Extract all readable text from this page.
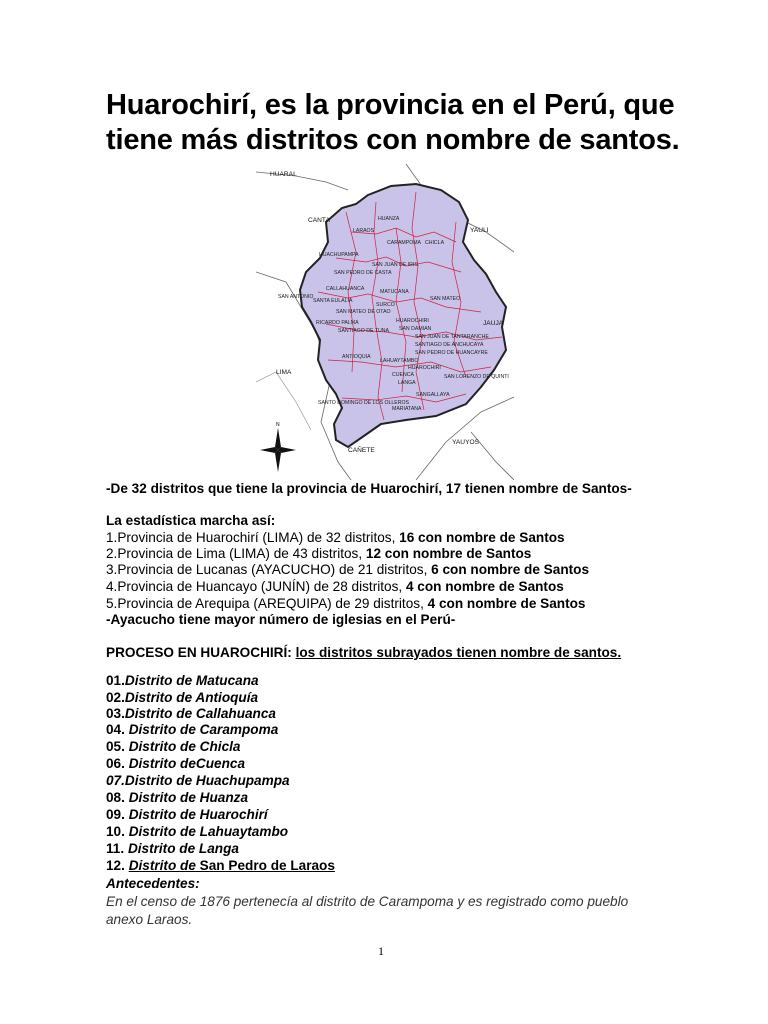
Huarochirí, es la provincia en el Perú, que tiene más distritos con nombre de santos.
N
HUARAL
CANTA
YAULI
JAUJA
LIMA
YAUYOS
CAÑETE
HUANZA
LARAOS
CARAMPOMA CHICLA
HUACHUPAMPA
SAN JUAN DE IRIS
SAN PEDRO DE CASTA
SAN ANTONIO
CALLAHUANCA	MATUCANA
SANTA EULALIA
SURCO
SAN MATEO
SAN MATEO DE OTAO
HUAROCHIRI
RICARDO PALMA
SANTIAGO DE TUNA SAN DAMIAN
SAN JUAN DE TANTARANCHE
SANTIAGO DE ANCHUCAYA
SAN PEDRO DE HUANCAYRE
ANTIOQUIA
LAHUAYTAMBO
HUAROCHIRI
CUENCA
LANGA
SAN LORENZO DE QUINTI
SANGALLAYA
SANTO DOMINGO DE LOS OLLEROS
MARIATANA
-De 32 distritos que tiene la provincia de Huarochirí, 17 tienen nombre de Santos-
La estadística marcha así:
1.Provincia de Huarochirí (LIMA) de 32 distritos, 16 con nombre de Santos
2.Provincia de Lima (LIMA) de 43 distritos, 12 con nombre de Santos
3.Provincia de Lucanas (AYACUCHO) de 21 distritos, 6 con nombre de Santos
4.Provincia de Huancayo (JUNÍN) de 28 distritos, 4 con nombre de Santos
5.Provincia de Arequipa (AREQUIPA) de 29 distritos, 4 con nombre de Santos
-Ayacucho tiene mayor número de iglesias en el Perú-
PROCESO EN HUAROCHIRÍ: los distritos subrayados tienen nombre de santos.
01.Distrito de Matucana
02.Distrito de Antioquía
03.Distrito de Callahuanca
04. Distrito de Carampoma
05. Distrito de Chicla
06. Distrito deCuenca
07.Distrito de Huachupampa
08. Distrito de Huanza
09. Distrito de Huarochirí
10. Distrito de Lahuaytambo
11. Distrito de Langa
12. Distrito de San Pedro de Laraos
Antecedentes:
En el censo de 1876 pertenecía al distrito de Carampoma y es registrado como pueblo
anexo Laraos.
1
